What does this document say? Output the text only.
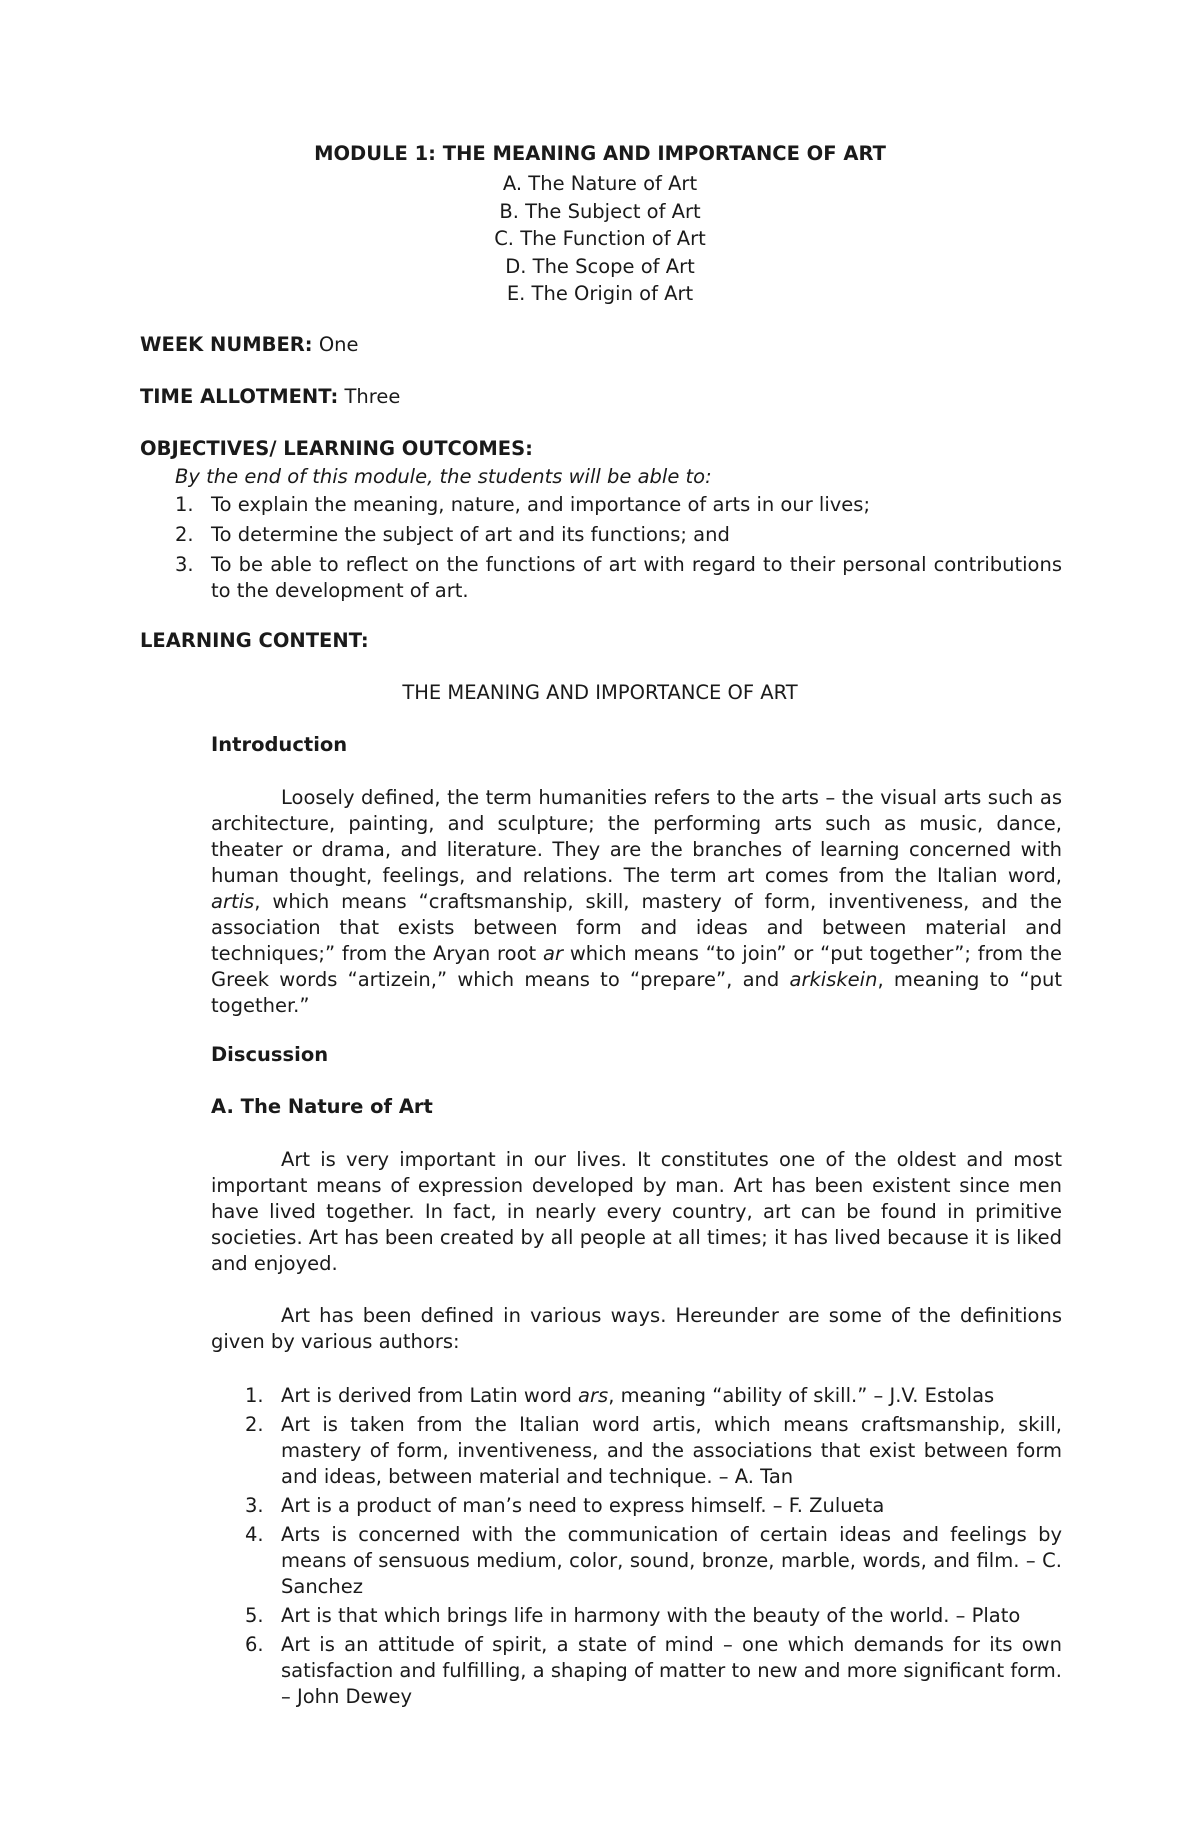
MODULE 1: THE MEANING AND IMPORTANCE OF ART
A. The Nature of Art
B. The Subject of Art
C. The Function of Art
D. The Scope of Art
E. The Origin of Art
WEEK NUMBER: One
TIME ALLOTMENT: Three
OBJECTIVES/ LEARNING OUTCOMES:
By the end of this module, the students will be able to:
1. To explain the meaning, nature, and importance of arts in our lives;
2. To determine the subject of art and its functions; and
3. To be able to reflect on the functions of art with regard to their personal contributions to the development of art.
LEARNING CONTENT:
THE MEANING AND IMPORTANCE OF ART
Introduction

Loosely defined, the term humanities refers to the arts – the visual arts such as architecture, painting, and sculpture; the performing arts such as music, dance, theater or drama, and literature. They are the branches of learning concerned with human thought, feelings, and relations. The term art comes from the Italian word, artis, which means “craftsmanship, skill, mastery of form, inventiveness, and the association that exists between form and ideas and between material and techniques;” from the Aryan root ar which means “to join” or “put together”; from the Greek words “artizein,” which means to “prepare”, and arkiskein, meaning to “put together.”

Discussion
A. The Nature of Art

Art is very important in our lives. It constitutes one of the oldest and most important means of expression developed by man. Art has been existent since men have lived together. In fact, in nearly every country, art can be found in primitive societies. Art has been created by all people at all times; it has lived because it is liked and enjoyed.

Art has been defined in various ways. Hereunder are some of the definitions given by various authors:

1. Art is derived from Latin word ars, meaning “ability of skill.” – J.V. Estolas
2. Art is taken from the Italian word artis, which means craftsmanship, skill, mastery of form, inventiveness, and the associations that exist between form and ideas, between material and technique. – A. Tan
3. Art is a product of man’s need to express himself. – F. Zulueta
4. Arts is concerned with the communication of certain ideas and feelings by means of sensuous medium, color, sound, bronze, marble, words, and film. – C. Sanchez
5. Art is that which brings life in harmony with the beauty of the world. – Plato
6. Art is an attitude of spirit, a state of mind – one which demands for its own satisfaction and fulfilling, a shaping of matter to new and more significant form. – John Dewey
